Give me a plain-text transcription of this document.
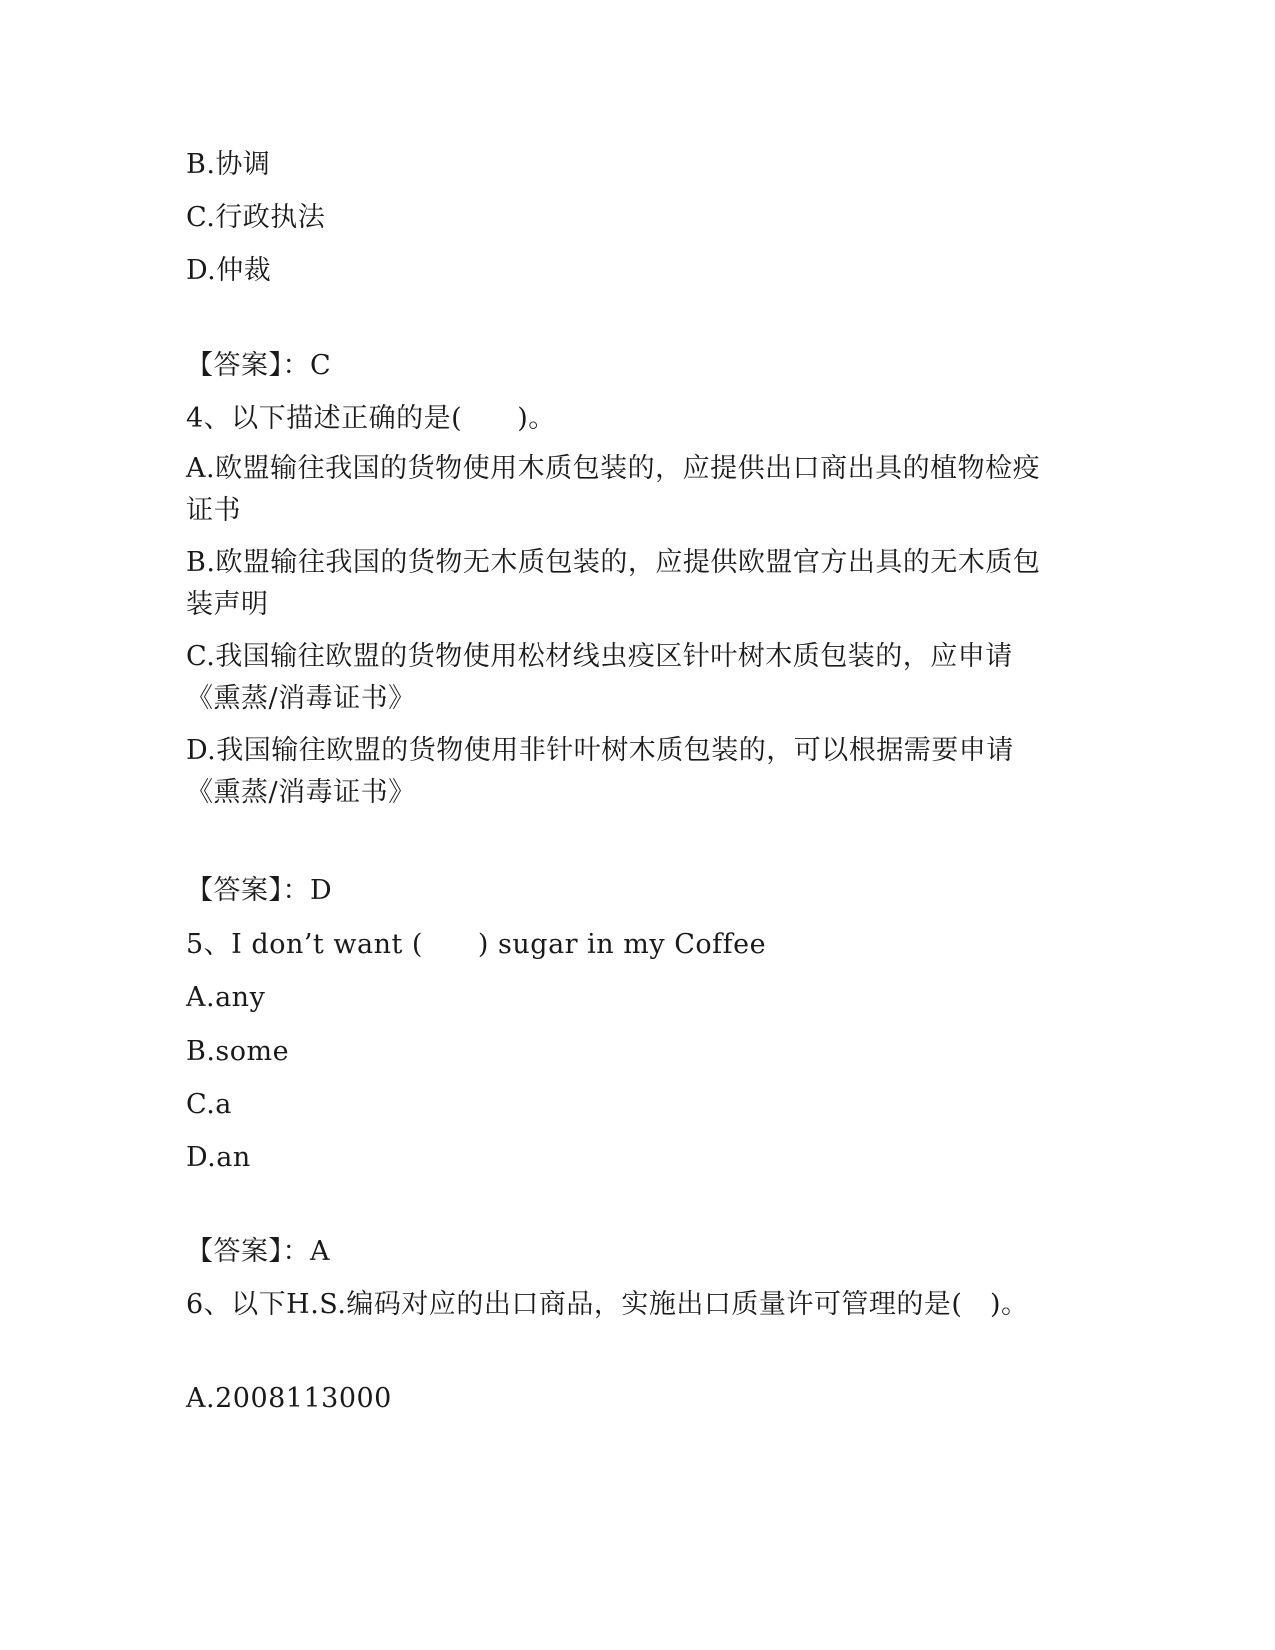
B.协调
C.行政执法
D.仲裁
【答案】：C
4、以下描述正确的是(　　)。
A.欧盟输往我国的货物使用木质包装的，应提供出口商出具的植物检疫证书
B.欧盟输往我国的货物无木质包装的，应提供欧盟官方出具的无木质包装声明
C.我国输往欧盟的货物使用松材线虫疫区针叶树木质包装的，应申请《熏蒸/消毒证书》
D.我国输往欧盟的货物使用非针叶树木质包装的，可以根据需要申请《熏蒸/消毒证书》
【答案】：D
5、I don’t want (　　) sugar in my Coffee
A.any
B.some
C.a
D.an
【答案】：A
6、以下H.S.编码对应的出口商品，实施出口质量许可管理的是(　)。
A.2008113000
